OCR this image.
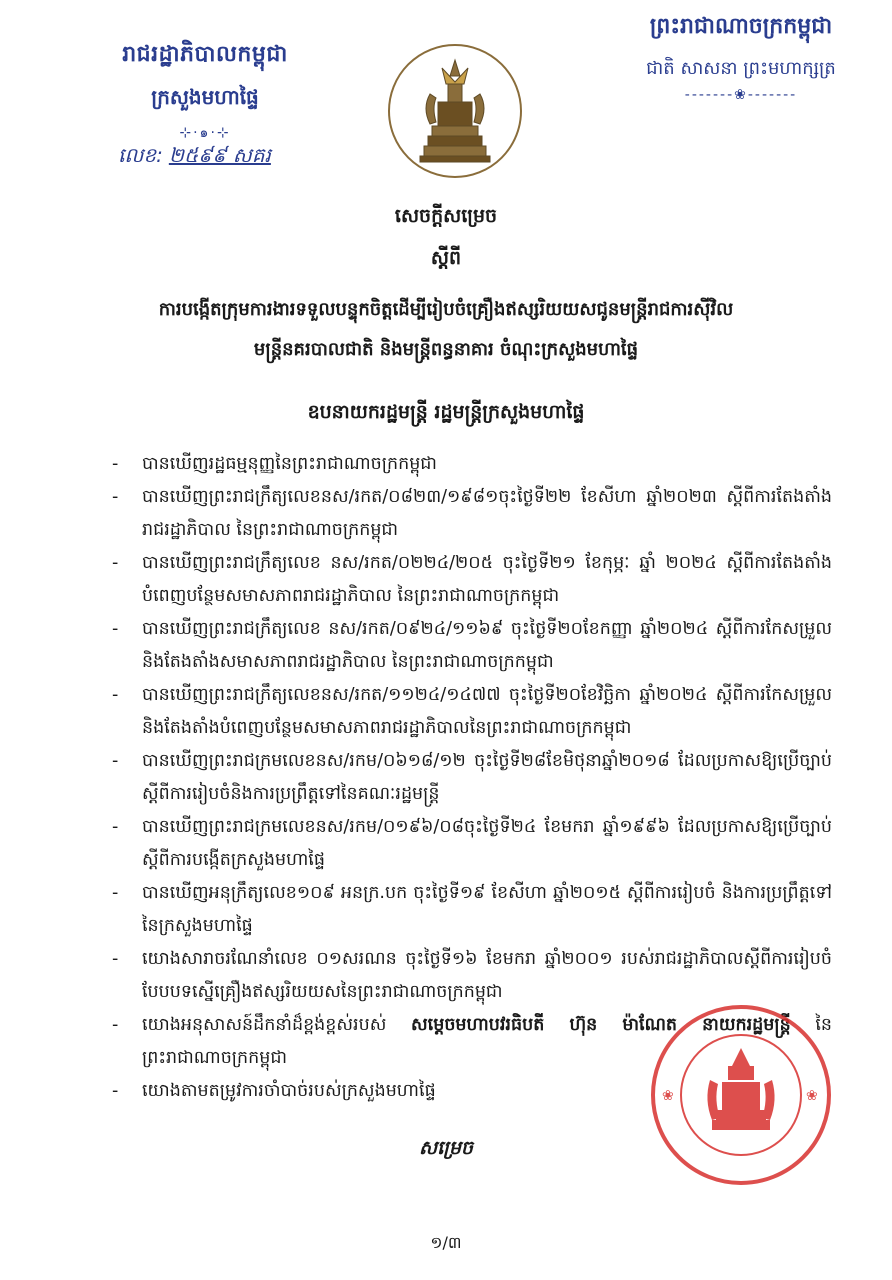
រាជរដ្ឋាភិបាលកម្ពុជា
ក្រសួងមហាផ្ទៃ
⊹·๑·⊹
លេខ: ២៥៩៩ សគរ
ព្រះរាជាណាចក្រកម្ពុជា
ជាតិ សាសនា ព្រះមហាក្សត្រ
-------❀-------
សេចក្ដីសម្រេច
ស្ដីពី
ការបង្កើតក្រុមការងារទទួលបន្ទុកចិត្តដើម្បីរៀបចំគ្រឿងឥស្សរិយយសជូនមន្ត្រីរាជការស៊ីវិល
មន្ត្រីនគរបាលជាតិ និងមន្ត្រីពន្ធនាគារ ចំណុះក្រសួងមហាផ្ទៃ
ឧបនាយករដ្ឋមន្ត្រី រដ្ឋមន្ត្រីក្រសួងមហាផ្ទៃ
-	បានឃើញរដ្ឋធម្មនុញ្ញនៃព្រះរាជាណាចក្រកម្ពុជា
-	បានឃើញព្រះរាជក្រឹត្យលេខនស/រកត/០៨២៣/១៩៨១ចុះថ្ងៃទី២២ ខែសីហា ឆ្នាំ២០២៣ ស្ដីពីការតែងតាំងរាជរដ្ឋាភិបាល នៃព្រះរាជាណាចក្រកម្ពុជា
-	បានឃើញព្រះរាជក្រឹត្យលេខ នស/រកត/០២២៤/២០៥ ចុះថ្ងៃទី២១ ខែកុម្ភៈ ឆ្នាំ ២០២៤ ស្ដីពីការតែងតាំងបំពេញបន្ថែមសមាសភាពរាជរដ្ឋាភិបាល នៃព្រះរាជាណាចក្រកម្ពុជា
-	បានឃើញព្រះរាជក្រឹត្យលេខ នស/រកត/០៩២៤/១១៦៩ ចុះថ្ងៃទី២០ខែកញ្ញា ឆ្នាំ២០២៤ ស្ដីពីការកែសម្រួលនិងតែងតាំងសមាសភាពរាជរដ្ឋាភិបាល នៃព្រះរាជាណាចក្រកម្ពុជា
-	បានឃើញព្រះរាជក្រឹត្យលេខនស/រកត/១១២៤/១៤៧៧ ចុះថ្ងៃទី២០ខែវិច្ឆិកា ឆ្នាំ២០២៤ ស្ដីពីការកែសម្រួល និងតែងតាំងបំពេញបន្ថែមសមាសភាពរាជរដ្ឋាភិបាលនៃព្រះរាជាណាចក្រកម្ពុជា
-	បានឃើញព្រះរាជក្រមលេខនស/រកម/០៦១៨/១២ ចុះថ្ងៃទី២៨ខែមិថុនាឆ្នាំ២០១៨ ដែលប្រកាសឱ្យប្រើច្បាប់ស្ដីពីការរៀបចំនិងការប្រព្រឹត្តទៅនៃគណៈរដ្ឋមន្ត្រី
-	បានឃើញព្រះរាជក្រមលេខនស/រកម/០១៩៦/០៨ចុះថ្ងៃទី២៤ ខែមករា ឆ្នាំ១៩៩៦ ដែលប្រកាសឱ្យប្រើច្បាប់ស្ដីពីការបង្កើតក្រសួងមហាផ្ទៃ
-	បានឃើញអនុក្រឹត្យលេខ១០៩ អនក្រ.បក ចុះថ្ងៃទី១៩ ខែសីហា ឆ្នាំ២០១៥ ស្ដីពីការរៀបចំ និងការប្រព្រឹត្តទៅនៃក្រសួងមហាផ្ទៃ
-	យោងសារាចរណែនាំលេខ ០១សរណន ចុះថ្ងៃទី១៦ ខែមករា ឆ្នាំ២០០១ របស់រាជរដ្ឋាភិបាលស្ដីពីការរៀបចំបែបបទស្នើគ្រឿងឥស្សរិយយសនៃព្រះរាជាណាចក្រកម្ពុជា
-	យោងអនុសាសន៍ដឹកនាំដ៏ខ្ពង់ខ្ពស់របស់ សម្ដេចមហាបវរធិបតី ហ៊ុន ម៉ាណែត នាយករដ្ឋមន្ត្រី នៃព្រះរាជាណាចក្រកម្ពុជា
-	យោងតាមតម្រូវការចាំបាច់របស់ក្រសួងមហាផ្ទៃ	❀	❀
សម្រេច
១/៣
